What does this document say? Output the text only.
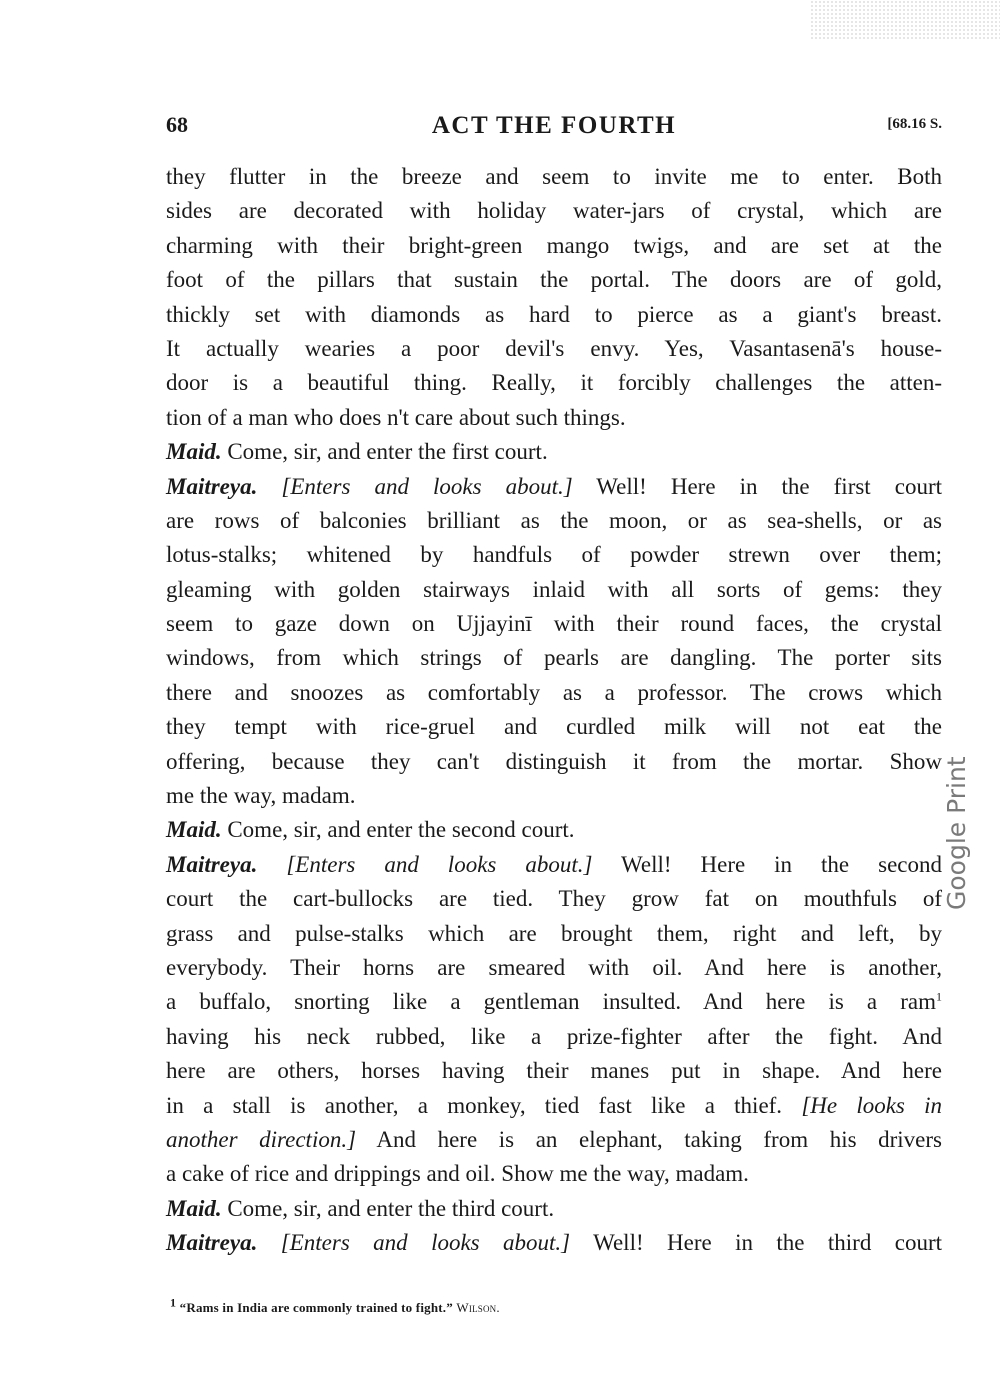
68	ACT THE FOURTH	[68.16 S.
they flutter in the breeze and seem to invite me to enter. Both
sides are decorated with holiday water-jars of crystal, which are
charming with their bright-green mango twigs, and are set at the
foot of the pillars that sustain the portal. The doors are of gold,
thickly set with diamonds as hard to pierce as a giant's breast.
It actually wearies a poor devil's envy. Yes, Vasantasenā's house-
door is a beautiful thing. Really, it forcibly challenges the atten-
tion of a man who does n't care about such things.
Maid. Come, sir, and enter the first court.
Maitreya. [Enters and looks about.] Well! Here in the first court
are rows of balconies brilliant as the moon, or as sea-shells, or as
lotus-stalks; whitened by handfuls of powder strewn over them;
gleaming with golden stairways inlaid with all sorts of gems: they
seem to gaze down on Ujjayinī with their round faces, the crystal
windows, from which strings of pearls are dangling. The porter sits
there and snoozes as comfortably as a professor. The crows which
they tempt with rice-gruel and curdled milk will not eat the
offering, because they can't distinguish it from the mortar. Show
me the way, madam.
Maid. Come, sir, and enter the second court.
Maitreya. [Enters and looks about.] Well! Here in the second
court the cart-bullocks are tied. They grow fat on mouthfuls of
grass and pulse-stalks which are brought them, right and left, by
everybody. Their horns are smeared with oil. And here is another,
a buffalo, snorting like a gentleman insulted. And here is a ram$^1$
having his neck rubbed, like a prize-fighter after the fight. And
here are others, horses having their manes put in shape. And here
in a stall is another, a monkey, tied fast like a thief. [He looks in
another direction.] And here is an elephant, taking from his drivers
a cake of rice and drippings and oil. Show me the way, madam.
Maid. Come, sir, and enter the third court.
Maitreya. [Enters and looks about.] Well! Here in the third court
$^1$ “Rams in India are commonly trained to fight.” Wilson.
Google Print
